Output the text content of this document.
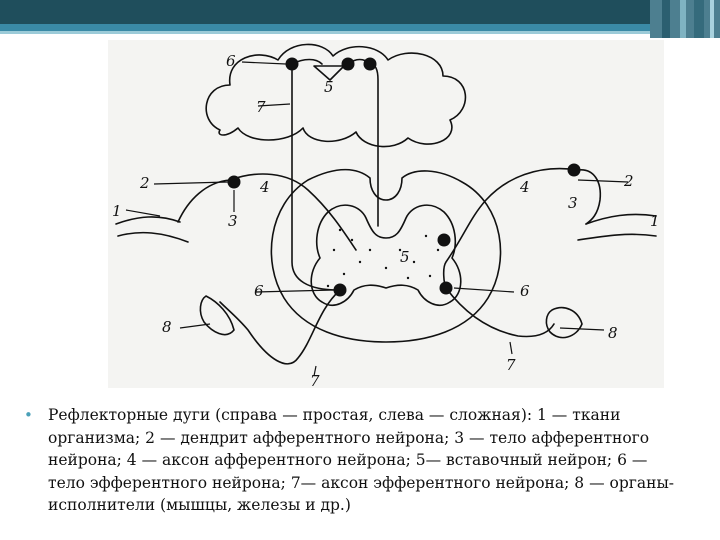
6
5
7
2	4
1
3
5
6
8
7
4	2
3
1
6
8
7
• Рефлекторные дуги (справа — простая, слева — сложная): 1 — ткани организма; 2 — дендрит афферентного нейрона; 3 — тело афферентного нейрона; 4 — аксон афферентного нейрона; 5— вставочный нейрон; 6 — тело эфферентного нейрона; 7— аксон эфферентного нейрона; 8 — органы-исполнители (мышцы, железы и др.)
